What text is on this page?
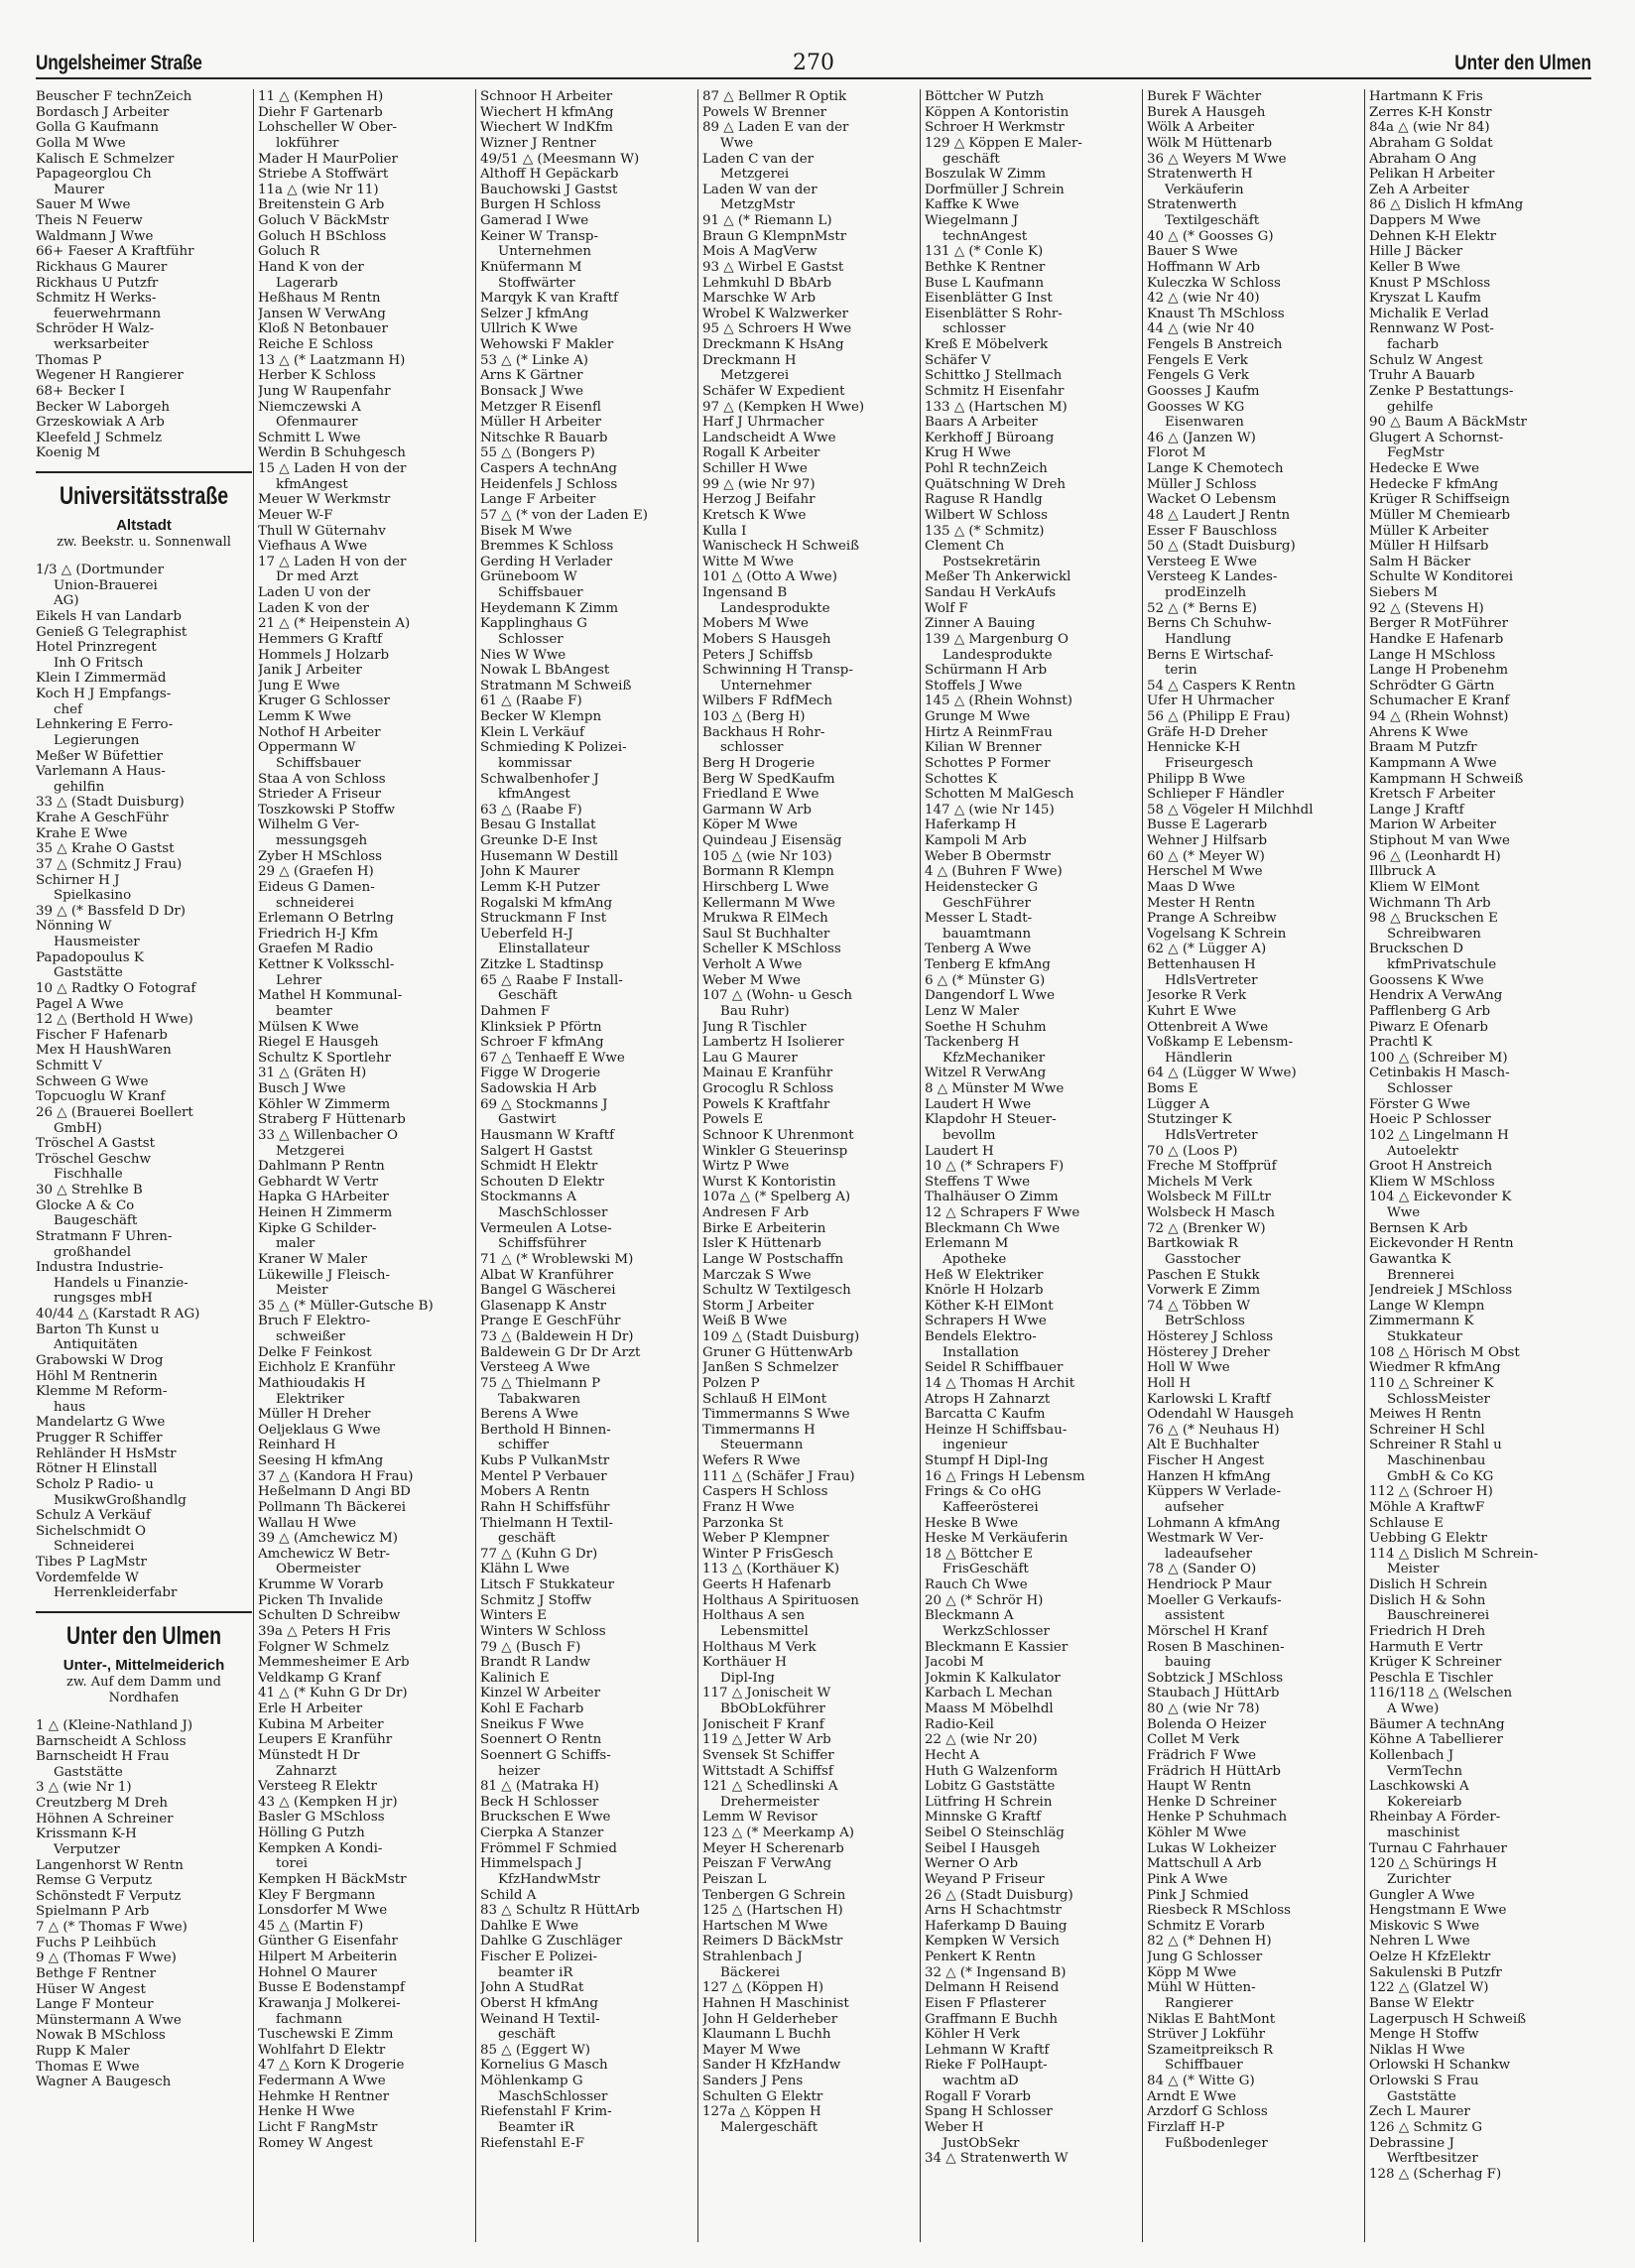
Ungelsheimer Straße	270	Unter den Ulmen
Beuscher F technZeich
Bordasch J Arbeiter
Golla G Kaufmann
Golla M Wwe
Kalisch E Schmelzer
Papageorglou Ch
Maurer
Sauer M Wwe
Theis N Feuerw
Waldmann J Wwe
66+ Faeser A Kraftführ
Rickhaus G Maurer
Rickhaus U Putzfr
Schmitz H Werks-
feuerwehrmann
Schröder H Walz-
werksarbeiter
Thomas P
Wegener H Rangierer
68+ Becker I
Becker W Laborgeh
Grzeskowiak A Arb
Kleefeld J Schmelz
Koenig M
Universitätsstraße
Altstadt
zw. Beekstr. u. Sonnenwall
1/3 △ (Dortmunder
Union-Brauerei
AG)
Eikels H van Landarb
Genieß G Telegraphist
Hotel Prinzregent
Inh O Fritsch
Klein I Zimmermäd
Koch H J Empfangs-
chef
Lehnkering E Ferro-
Legierungen
Meßer W Büfettier
Varlemann A Haus-
gehilfin
33 △ (Stadt Duisburg)
Krahe A GeschFühr
Krahe E Wwe
35 △ Krahe O Gastst
37 △ (Schmitz J Frau)
Schirner H J
Spielkasino
39 △ (* Bassfeld D Dr)
Nönning W
Hausmeister
Papadopoulus K
Gaststätte
10 △ Radtky O Fotograf
Pagel A Wwe
12 △ (Berthold H Wwe)
Fischer F Hafenarb
Mex H HaushWaren
Schmitt V
Schween G Wwe
Topcuoglu W Kranf
26 △ (Brauerei Boellert
GmbH)
Tröschel A Gastst
Tröschel Geschw
Fischhalle
30 △ Strehlke B
Glocke A & Co
Baugeschäft
Stratmann F Uhren-
großhandel
Industra Industrie-
Handels u Finanzie-
rungsges mbH
40/44 △ (Karstadt R AG)
Barton Th Kunst u
Antiquitäten
Grabowski W Drog
Höhl M Rentnerin
Klemme M Reform-
haus
Mandelartz G Wwe
Prugger R Schiffer
Rehländer H HsMstr
Rötner H Elinstall
Scholz P Radio- u
MusikwGroßhandlg
Schulz A Verkäuf
Sichelschmidt O
Schneiderei
Tibes P LagMstr
Vordemfelde W
Herrenkleiderfabr
Unter den Ulmen
Unter-, Mittelmeiderich
zw. Auf dem Damm und Nordhafen
1 △ (Kleine-Nathland J)
Barnscheidt A Schloss
Barnscheidt H Frau
Gaststätte
3 △ (wie Nr 1)
Creutzberg M Dreh
Höhnen A Schreiner
Krissmann K-H
Verputzer
Langenhorst W Rentn
Remse G Verputz
Schönstedt F Verputz
Spielmann P Arb
7 △ (* Thomas F Wwe)
Fuchs P Leihbüch
9 △ (Thomas F Wwe)
Bethge F Rentner
Hüser W Angest
Lange F Monteur
Münstermann A Wwe
Nowak B MSchloss
Rupp K Maler
Thomas E Wwe
Wagner A Baugesch
11 △ (Kemphen H)
Diehr F Gartenarb
Lohscheller W Ober-
lokführer
Mader H MaurPolier
Striebe A Stoffwärt
11a △ (wie Nr 11)
Breitenstein G Arb
Goluch V BäckMstr
Goluch H BSchloss
Goluch R
Hand K von der
Lagerarb
Heßhaus M Rentn
Jansen W VerwAng
Kloß N Betonbauer
Reiche E Schloss
13 △ (* Laatzmann H)
Herber K Schloss
Jung W Raupenfahr
Niemczewski A
Ofenmaurer
Schmitt L Wwe
Werdin B Schuhgesch
15 △ Laden H von der
kfmAngest
Meuer W Werkmstr
Meuer W-F
Thull W Güternahv
Viefhaus A Wwe
17 △ Laden H von der
Dr med Arzt
Laden U von der
Laden K von der
21 △ (* Heipenstein A)
Hemmers G Kraftf
Hommels J Holzarb
Janik J Arbeiter
Jung E Wwe
Kruger G Schlosser
Lemm K Wwe
Nothof H Arbeiter
Oppermann W
Schiffsbauer
Staa A von Schloss
Strieder A Friseur
Toszkowski P Stoffw
Wilhelm G Ver-
messungsgeh
Zyber H MSchloss
29 △ (Graefen H)
Eideus G Damen-
schneiderei
Erlemann O Betrlng
Friedrich H-J Kfm
Graefen M Radio
Kettner K Volksschl-
Lehrer
Mathel H Kommunal-
beamter
Mülsen K Wwe
Riegel E Hausgeh
Schultz K Sportlehr
31 △ (Gräten H)
Busch J Wwe
Köhler W Zimmerm
Straberg F Hüttenarb
33 △ Willenbacher O
Metzgerei
Dahlmann P Rentn
Gebhardt W Vertr
Hapka G HArbeiter
Heinen H Zimmerm
Kipke G Schilder-
maler
Kraner W Maler
Lükewille J Fleisch-
Meister
35 △ (* Müller-Gutsche B)
Bruch F Elektro-
schweißer
Delke F Feinkost
Eichholz E Kranführ
Mathioudakis H
Elektriker
Müller H Dreher
Oeljeklaus G Wwe
Reinhard H
Seesing H kfmAng
37 △ (Kandora H Frau)
Heßelmann D Angi BD
Pollmann Th Bäckerei
Wallau H Wwe
39 △ (Amchewicz M)
Amchewicz W Betr-
Obermeister
Krumme W Vorarb
Picken Th Invalide
Schulten D Schreibw
39a △ Peters H Fris
Folgner W Schmelz
Memmesheimer E Arb
Veldkamp G Kranf
41 △ (* Kuhn G Dr Dr)
Erle H Arbeiter
Kubina M Arbeiter
Leupers E Kranführ
Münstedt H Dr
Zahnarzt
Versteeg R Elektr
43 △ (Kempken H jr)
Basler G MSchloss
Hölling G Putzh
Kempken A Kondi-
torei
Kempken H BäckMstr
Kley F Bergmann
Lonsdorfer M Wwe
45 △ (Martin F)
Günther G Eisenfahr
Hilpert M Arbeiterin
Hohnel O Maurer
Busse E Bodenstampf
Krawanja J Molkerei-
fachmann
Tuschewski E Zimm
Wohlfahrt D Elektr
47 △ Korn K Drogerie
Federmann A Wwe
Hehmke H Rentner
Henke H Wwe
Licht F RangMstr
Romey W Angest
Schnoor H Arbeiter
Wiechert H kfmAng
Wiechert W IndKfm
Wizner J Rentner
49/51 △ (Meesmann W)
Althoff H Gepäckarb
Bauchowski J Gastst
Burgen H Schloss
Gamerad I Wwe
Keiner W Transp-
Unternehmen
Knüfermann M
Stoffwärter
Marqyk K van Kraftf
Selzer J kfmAng
Ullrich K Wwe
Wehowski F Makler
53 △ (* Linke A)
Arns K Gärtner
Bonsack J Wwe
Metzger R Eisenfl
Müller H Arbeiter
Nitschke R Bauarb
55 △ (Bongers P)
Caspers A technAng
Heidenfels J Schloss
Lange F Arbeiter
57 △ (* von der Laden E)
Bisek M Wwe
Bremmes K Schloss
Gerding H Verlader
Grüneboom W
Schiffsbauer
Heydemann K Zimm
Kapplinghaus G
Schlosser
Nies W Wwe
Nowak L BbAngest
Stratmann M Schweiß
61 △ (Raabe F)
Becker W Klempn
Klein L Verkäuf
Schmieding K Polizei-
kommissar
Schwalbenhofer J
kfmAngest
63 △ (Raabe F)
Besau G Installat
Greunke D-E Inst
Husemann W Destill
John K Maurer
Lemm K-H Putzer
Rogalski M kfmAng
Struckmann F Inst
Ueberfeld H-J
Elinstallateur
Zitzke L Stadtinsp
65 △ Raabe F Install-
Geschäft
Dahmen F
Klinksiek P Pförtn
Schroer F kfmAng
67 △ Tenhaeff E Wwe
Figge W Drogerie
Sadowskia H Arb
69 △ Stockmanns J
Gastwirt
Hausmann W Kraftf
Salgert H Gastst
Schmidt H Elektr
Schouten D Elektr
Stockmanns A
MaschSchlosser
Vermeulen A Lotse-
Schiffsführer
71 △ (* Wroblewski M)
Albat W Kranführer
Bangel G Wäscherei
Glasenapp K Anstr
Prange E GeschFühr
73 △ (Baldewein H Dr)
Baldewein G Dr Dr Arzt
Versteeg A Wwe
75 △ Thielmann P
Tabakwaren
Berens A Wwe
Berthold H Binnen-
schiffer
Kubs P VulkanMstr
Mentel P Verbauer
Mobers A Rentn
Rahn H Schiffsführ
Thielmann H Textil-
geschäft
77 △ (Kuhn G Dr)
Klähn L Wwe
Litsch F Stukkateur
Schmitz J Stoffw
Winters E
Winters W Schloss
79 △ (Busch F)
Brandt R Landw
Kalinich E
Kinzel W Arbeiter
Kohl E Facharb
Sneikus F Wwe
Soennert O Rentn
Soennert G Schiffs-
heizer
81 △ (Matraka H)
Beck H Schlosser
Bruckschen E Wwe
Cierpka A Stanzer
Frömmel F Schmied
Himmelspach J
KfzHandwMstr
Schild A
83 △ Schultz R HüttArb
Dahlke E Wwe
Dahlke G Zuschläger
Fischer E Polizei-
beamter iR
John A StudRat
Oberst H kfmAng
Weinand H Textil-
geschäft
85 △ (Eggert W)
Kornelius G Masch
Möhlenkamp G
MaschSchlosser
Riefenstahl F Krim-
Beamter iR
Riefenstahl E-F
87 △ Bellmer R Optik
Powels W Brenner
89 △ Laden E van der
Wwe
Laden C van der
Metzgerei
Laden W van der
MetzgMstr
91 △ (* Riemann L)
Braun G KlempnMstr
Mois A MagVerw
93 △ Wirbel E Gastst
Lehmkuhl D BbArb
Marschke W Arb
Wrobel K Walzwerker
95 △ Schroers H Wwe
Dreckmann K HsAng
Dreckmann H
Metzgerei
Schäfer W Expedient
97 △ (Kempken H Wwe)
Harf J Uhrmacher
Landscheidt A Wwe
Rogall K Arbeiter
Schiller H Wwe
99 △ (wie Nr 97)
Herzog J Beifahr
Kretsch K Wwe
Kulla I
Wanischeck H Schweiß
Witte M Wwe
101 △ (Otto A Wwe)
Ingensand B
Landesprodukte
Mobers M Wwe
Mobers S Hausgeh
Peters J Schiffsb
Schwinning H Transp-
Unternehmer
Wilbers F RdfMech
103 △ (Berg H)
Backhaus H Rohr-
schlosser
Berg H Drogerie
Berg W SpedKaufm
Friedland E Wwe
Garmann W Arb
Köper M Wwe
Quindeau J Eisensäg
105 △ (wie Nr 103)
Bormann R Klempn
Hirschberg L Wwe
Kellermann M Wwe
Mrukwa R ElMech
Saul St Buchhalter
Scheller K MSchloss
Verholt A Wwe
Weber M Wwe
107 △ (Wohn- u Gesch
Bau Ruhr)
Jung R Tischler
Lambertz H Isolierer
Lau G Maurer
Mainau E Kranführ
Grocoglu R Schloss
Powels K Kraftfahr
Powels E
Schnoor K Uhrenmont
Winkler G Steuerinsp
Wirtz P Wwe
Wurst K Kontoristin
107a △ (* Spelberg A)
Andresen F Arb
Birke E Arbeiterin
Isler K Hüttenarb
Lange W Postschaffn
Marczak S Wwe
Schultz W Textilgesch
Storm J Arbeiter
Weiß B Wwe
109 △ (Stadt Duisburg)
Gruner G HüttenwArb
Janßen S Schmelzer
Polzen P
Schlauß H ElMont
Timmermanns S Wwe
Timmermanns H
Steuermann
Wefers R Wwe
111 △ (Schäfer J Frau)
Caspers H Schloss
Franz H Wwe
Parzonka St
Weber P Klempner
Winter P FrisGesch
113 △ (Korthäuer K)
Geerts H Hafenarb
Holthaus A Spirituosen
Holthaus A sen
Lebensmittel
Holthaus M Verk
Korthäuer H
Dipl-Ing
117 △ Jonischeit W
BbObLokführer
Jonischeit F Kranf
119 △ Jetter W Arb
Svensek St Schiffer
Wittstadt A Schiffsf
121 △ Schedlinski A
Drehermeister
Lemm W Revisor
123 △ (* Meerkamp A)
Meyer H Scherenarb
Peiszan F VerwAng
Peiszan L
Tenbergen G Schrein
125 △ (Hartschen H)
Hartschen M Wwe
Reimers D BäckMstr
Strahlenbach J
Bäckerei
127 △ (Köppen H)
Hahnen H Maschinist
John H Gelderheber
Klaumann L Buchh
Mayer M Wwe
Sander H KfzHandw
Sanders J Pens
Schulten G Elektr
127a △ Köppen H
Malergeschäft
Böttcher W Putzh
Köppen A Kontoristin
Schroer H Werkmstr
129 △ Köppen E Maler-
geschäft
Boszulak W Zimm
Dorfmüller J Schrein
Kaffke K Wwe
Wiegelmann J
technAngest
131 △ (* Conle K)
Bethke K Rentner
Buse L Kaufmann
Eisenblätter G Inst
Eisenblätter S Rohr-
schlosser
Kreß E Möbelverk
Schäfer V
Schittko J Stellmach
Schmitz H Eisenfahr
133 △ (Hartschen M)
Baars A Arbeiter
Kerkhoff J Büroang
Krug H Wwe
Pohl R technZeich
Quätschning W Dreh
Raguse R Handlg
Wilbert W Schloss
135 △ (* Schmitz)
Clement Ch
Postsekretärin
Meßer Th Ankerwickl
Sandau H VerkAufs
Wolf F
Zinner A Bauing
139 △ Margenburg O
Landesprodukte
Schürmann H Arb
Stoffels J Wwe
145 △ (Rhein Wohnst)
Grunge M Wwe
Hirtz A ReinmFrau
Kilian W Brenner
Schottes P Former
Schottes K
Schotten M MalGesch
147 △ (wie Nr 145)
Haferkamp H
Kampoli M Arb
Weber B Obermstr
4 △ (Buhren F Wwe)
Heidenstecker G
GeschFührer
Messer L Stadt-
bauamtmann
Tenberg A Wwe
Tenberg E kfmAng
6 △ (* Münster G)
Dangendorf L Wwe
Lenz W Maler
Soethe H Schuhm
Tackenberg H
KfzMechaniker
Witzel R VerwAng
8 △ Münster M Wwe
Laudert H Wwe
Klapdohr H Steuer-
bevollm
Laudert H
10 △ (* Schrapers F)
Steffens T Wwe
Thalhäuser O Zimm
12 △ Schrapers F Wwe
Bleckmann Ch Wwe
Erlemann M
Apotheke
Heß W Elektriker
Knörle H Holzarb
Köther K-H ElMont
Schrapers H Wwe
Bendels Elektro-
Installation
Seidel R Schiffbauer
14 △ Thomas H Archit
Atrops H Zahnarzt
Barcatta C Kaufm
Heinze H Schiffsbau-
ingenieur
Stumpf H Dipl-Ing
16 △ Frings H Lebensm
Frings & Co oHG
Kaffeerösterei
Heske B Wwe
Heske M Verkäuferin
18 △ Böttcher E
FrisGeschäft
Rauch Ch Wwe
20 △ (* Schrör H)
Bleckmann A
WerkzSchlosser
Bleckmann E Kassier
Jacobi M
Jokmin K Kalkulator
Karbach L Mechan
Maass M Möbelhdl
Radio-Keil
22 △ (wie Nr 20)
Hecht A
Huth G Walzenform
Lobitz G Gaststätte
Lütfring H Schrein
Minnske G Kraftf
Seibel O Steinschläg
Seibel I Hausgeh
Werner O Arb
Weyand P Friseur
26 △ (Stadt Duisburg)
Arns H Schachtmstr
Haferkamp D Bauing
Kempken W Versich
Penkert K Rentn
32 △ (* Ingensand B)
Delmann H Reisend
Eisen F Pflasterer
Graffmann E Buchh
Köhler H Verk
Lehmann W Kraftf
Rieke F PolHaupt-
wachtm aD
Rogall F Vorarb
Spang H Schlosser
Weber H
JustObSekr
34 △ Stratenwerth W
Burek F Wächter
Burek A Hausgeh
Wölk A Arbeiter
Wölk M Hüttenarb
36 △ Weyers M Wwe
Stratenwerth H
Verkäuferin
Stratenwerth
Textilgeschäft
40 △ (* Goosses G)
Bauer S Wwe
Hoffmann W Arb
Kuleczka W Schloss
42 △ (wie Nr 40)
Knaust Th MSchloss
44 △ (wie Nr 40
Fengels B Anstreich
Fengels E Verk
Fengels G Verk
Goosses J Kaufm
Goosses W KG
Eisenwaren
46 △ (Janzen W)
Florot M
Lange K Chemotech
Müller J Schloss
Wacket O Lebensm
48 △ Laudert J Rentn
Esser F Bauschloss
50 △ (Stadt Duisburg)
Versteeg E Wwe
Versteeg K Landes-
prodEinzelh
52 △ (* Berns E)
Berns Ch Schuhw-
Handlung
Berns E Wirtschaf-
terin
54 △ Caspers K Rentn
Ufer H Uhrmacher
56 △ (Philipp E Frau)
Gräfe H-D Dreher
Hennicke K-H
Friseurgesch
Philipp B Wwe
Schlieper F Händler
58 △ Vögeler H Milchhdl
Busse E Lagerarb
Wehner J Hilfsarb
60 △ (* Meyer W)
Herschel M Wwe
Maas D Wwe
Mester H Rentn
Prange A Schreibw
Vogelsang K Schrein
62 △ (* Lügger A)
Bettenhausen H
HdlsVertreter
Jesorke R Verk
Kuhrt E Wwe
Ottenbreit A Wwe
Voßkamp E Lebensm-
Händlerin
64 △ (Lügger W Wwe)
Boms E
Lügger A
Stutzinger K
HdlsVertreter
70 △ (Loos P)
Freche M Stoffprüf
Michels M Verk
Wolsbeck M FilLtr
Wolsbeck H Masch
72 △ (Brenker W)
Bartkowiak R
Gasstocher
Paschen E Stukk
Vorwerk E Zimm
74 △ Többen W
BetrSchloss
Hösterey J Schloss
Hösterey J Dreher
Holl W Wwe
Holl H
Karlowski L Kraftf
Odendahl W Hausgeh
76 △ (* Neuhaus H)
Alt E Buchhalter
Fischer H Angest
Hanzen H kfmAng
Küppers W Verlade-
aufseher
Lohmann A kfmAng
Westmark W Ver-
ladeaufseher
78 △ (Sander O)
Hendriock P Maur
Moeller G Verkaufs-
assistent
Mörschel H Kranf
Rosen B Maschinen-
bauing
Sobtzick J MSchloss
Staubach J HüttArb
80 △ (wie Nr 78)
Bolenda O Heizer
Collet M Verk
Frädrich F Wwe
Frädrich H HüttArb
Haupt W Rentn
Henke D Schreiner
Henke P Schuhmach
Köhler M Wwe
Lukas W Lokheizer
Mattschull A Arb
Pink A Wwe
Pink J Schmied
Riesbeck R MSchloss
Schmitz E Vorarb
82 △ (* Dehnen H)
Jung G Schlosser
Köpp M Wwe
Mühl W Hütten-
Rangierer
Niklas E BahtMont
Strüver J Lokführ
Szameitpreiksch R
Schiffbauer
84 △ (* Witte G)
Arndt E Wwe
Arzdorf G Schloss
Firzlaff H-P
Fußbodenleger
Hartmann K Fris
Zerres K-H Konstr
84a △ (wie Nr 84)
Abraham G Soldat
Abraham O Ang
Pelikan H Arbeiter
Zeh A Arbeiter
86 △ Dislich H kfmAng
Dappers M Wwe
Dehnen K-H Elektr
Hille J Bäcker
Keller B Wwe
Knust P MSchloss
Kryszat L Kaufm
Michalik E Verlad
Rennwanz W Post-
facharb
Schulz W Angest
Truhr A Bauarb
Zenke P Bestattungs-
gehilfe
90 △ Baum A BäckMstr
Glugert A Schornst-
FegMstr
Hedecke E Wwe
Hedecke F kfmAng
Krüger R Schiffseign
Müller M Chemiearb
Müller K Arbeiter
Müller H Hilfsarb
Salm H Bäcker
Schulte W Konditorei
Siebers M
92 △ (Stevens H)
Berger R MotFührer
Handke E Hafenarb
Lange H MSchloss
Lange H Probenehm
Schrödter G Gärtn
Schumacher E Kranf
94 △ (Rhein Wohnst)
Ahrens K Wwe
Braam M Putzfr
Kampmann A Wwe
Kampmann H Schweiß
Kretsch F Arbeiter
Lange J Kraftf
Marion W Arbeiter
Stiphout M van Wwe
96 △ (Leonhardt H)
Illbruck A
Kliem W ElMont
Wichmann Th Arb
98 △ Bruckschen E
Schreibwaren
Bruckschen D
kfmPrivatschule
Goossens K Wwe
Hendrix A VerwAng
Pafflenberg G Arb
Piwarz E Ofenarb
Prachtl K
100 △ (Schreiber M)
Cetinbakis H Masch-
Schlosser
Förster G Wwe
Hoeic P Schlosser
102 △ Lingelmann H
Autoelektr
Groot H Anstreich
Kliem W MSchloss
104 △ Eickevonder K
Wwe
Bernsen K Arb
Eickevonder H Rentn
Gawantka K
Brennerei
Jendreiek J MSchloss
Lange W Klempn
Zimmermann K
Stukkateur
108 △ Hörisch M Obst
Wiedmer R kfmAng
110 △ Schreiner K
SchlossMeister
Meiwes H Rentn
Schreiner H Schl
Schreiner R Stahl u
Maschinenbau
GmbH & Co KG
112 △ (Schroer H)
Möhle A KraftwF
Schlause E
Uebbing G Elektr
114 △ Dislich M Schrein-
Meister
Dislich H Schrein
Dislich H & Sohn
Bauschreinerei
Friedrich H Dreh
Harmuth E Vertr
Krüger K Schreiner
Peschla E Tischler
116/118 △ (Welschen
A Wwe)
Bäumer A technAng
Köhne A Tabellierer
Kollenbach J
VermTechn
Laschkowski A
Kokereiarb
Rheinbay A Förder-
maschinist
Turnau C Fahrhauer
120 △ Schürings H
Zurichter
Gungler A Wwe
Hengstmann E Wwe
Miskovic S Wwe
Nehren L Wwe
Oelze H KfzElektr
Sakulenski B Putzfr
122 △ (Glatzel W)
Banse W Elektr
Lagerpusch H Schweiß
Menge H Stoffw
Niklas H Wwe
Orlowski H Schankw
Orlowski S Frau
Gaststätte
Zech L Maurer
126 △ Schmitz G
Debrassine J
Werftbesitzer
128 △ (Scherhag F)
